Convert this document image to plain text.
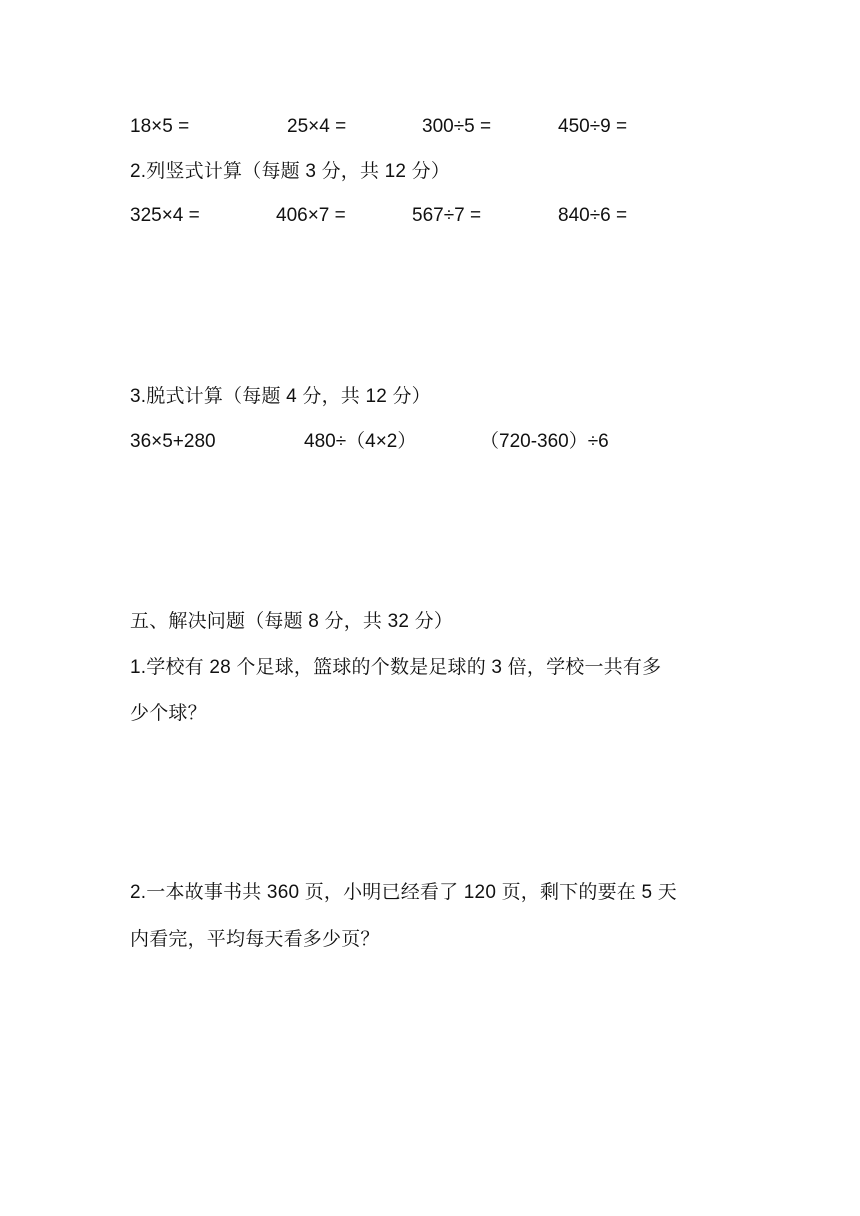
18×5 =	25×4 =	300÷5 =	450÷9 =
2.列竖式计算（每题 3 分，共 12 分）
325×4 =	406×7 =	567÷7 =	840÷6 =
3.脱式计算（每题 4 分，共 12 分）
36×5+280	480÷（4×2）	（720-360）÷6
五、解决问题（每题 8 分，共 32 分）
1.学校有 28 个足球，篮球的个数是足球的 3 倍，学校一共有多
少个球？
2.一本故事书共 360 页，小明已经看了 120 页，剩下的要在 5 天
内看完，平均每天看多少页？
